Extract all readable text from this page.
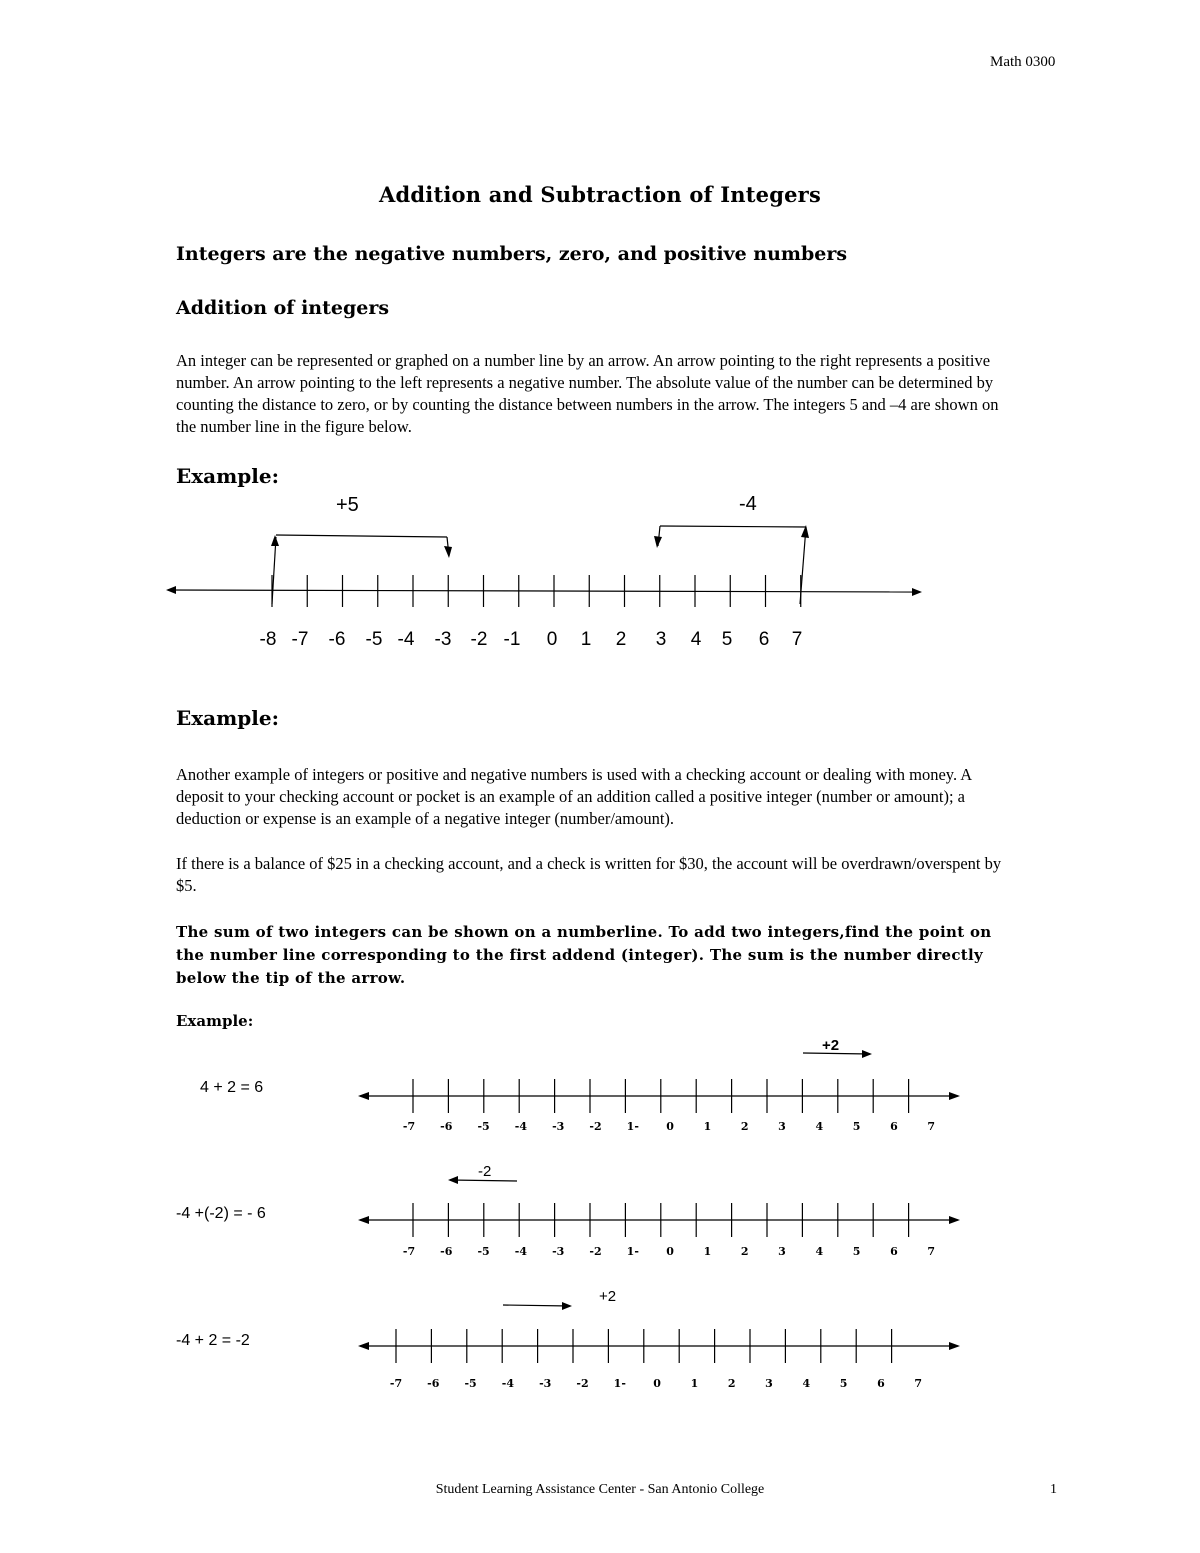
Math 0300
Addition and Subtraction of Integers
Integers are the negative numbers, zero, and positive numbers
Addition of integers
An integer can be represented or graphed on a number line by an arrow. An arrow pointing to the right represents a positive number. An arrow pointing to the left represents a negative number. The absolute value of the number can be determined by counting the distance to zero, or by counting the distance between numbers in the arrow. The integers 5 and –4 are shown on the number line in the figure below.
Example:
-8 -7 -6 -5 -4 -3 -2 -1 0 1 2 3 4 5 6 7
+5	-4
Example:
Another example of integers or positive and negative numbers is used with a checking account or dealing with money. A deposit to your checking account or pocket is an example of an addition called a positive integer (number or amount); a deduction or expense is an example of a negative integer (number/amount).
If there is a balance of $25 in a checking account, and a check is written for $30, the account will be overdrawn/overspent by $5.
The sum of two integers can be shown on a numberline. To add two integers,find the point on the number line corresponding to the first addend (integer). The sum is the number directly below the tip of the arrow.
Example:
4 + 2 = 6
-4 +(-2) = - 6
-4 + 2 = -2
-7 -6 -5 -4 -3 -2 1- 0	1	2	3	4	5	6	7
-7 -6 -5 -4 -3 -2 1- 0	1	2	3	4	5	6	7
-7 -6 -5 -4 -3 -2 1- 0	1	2	3	4	5	6	7
+2
-2
+2
Student Learning Assistance Center - San Antonio College	1
